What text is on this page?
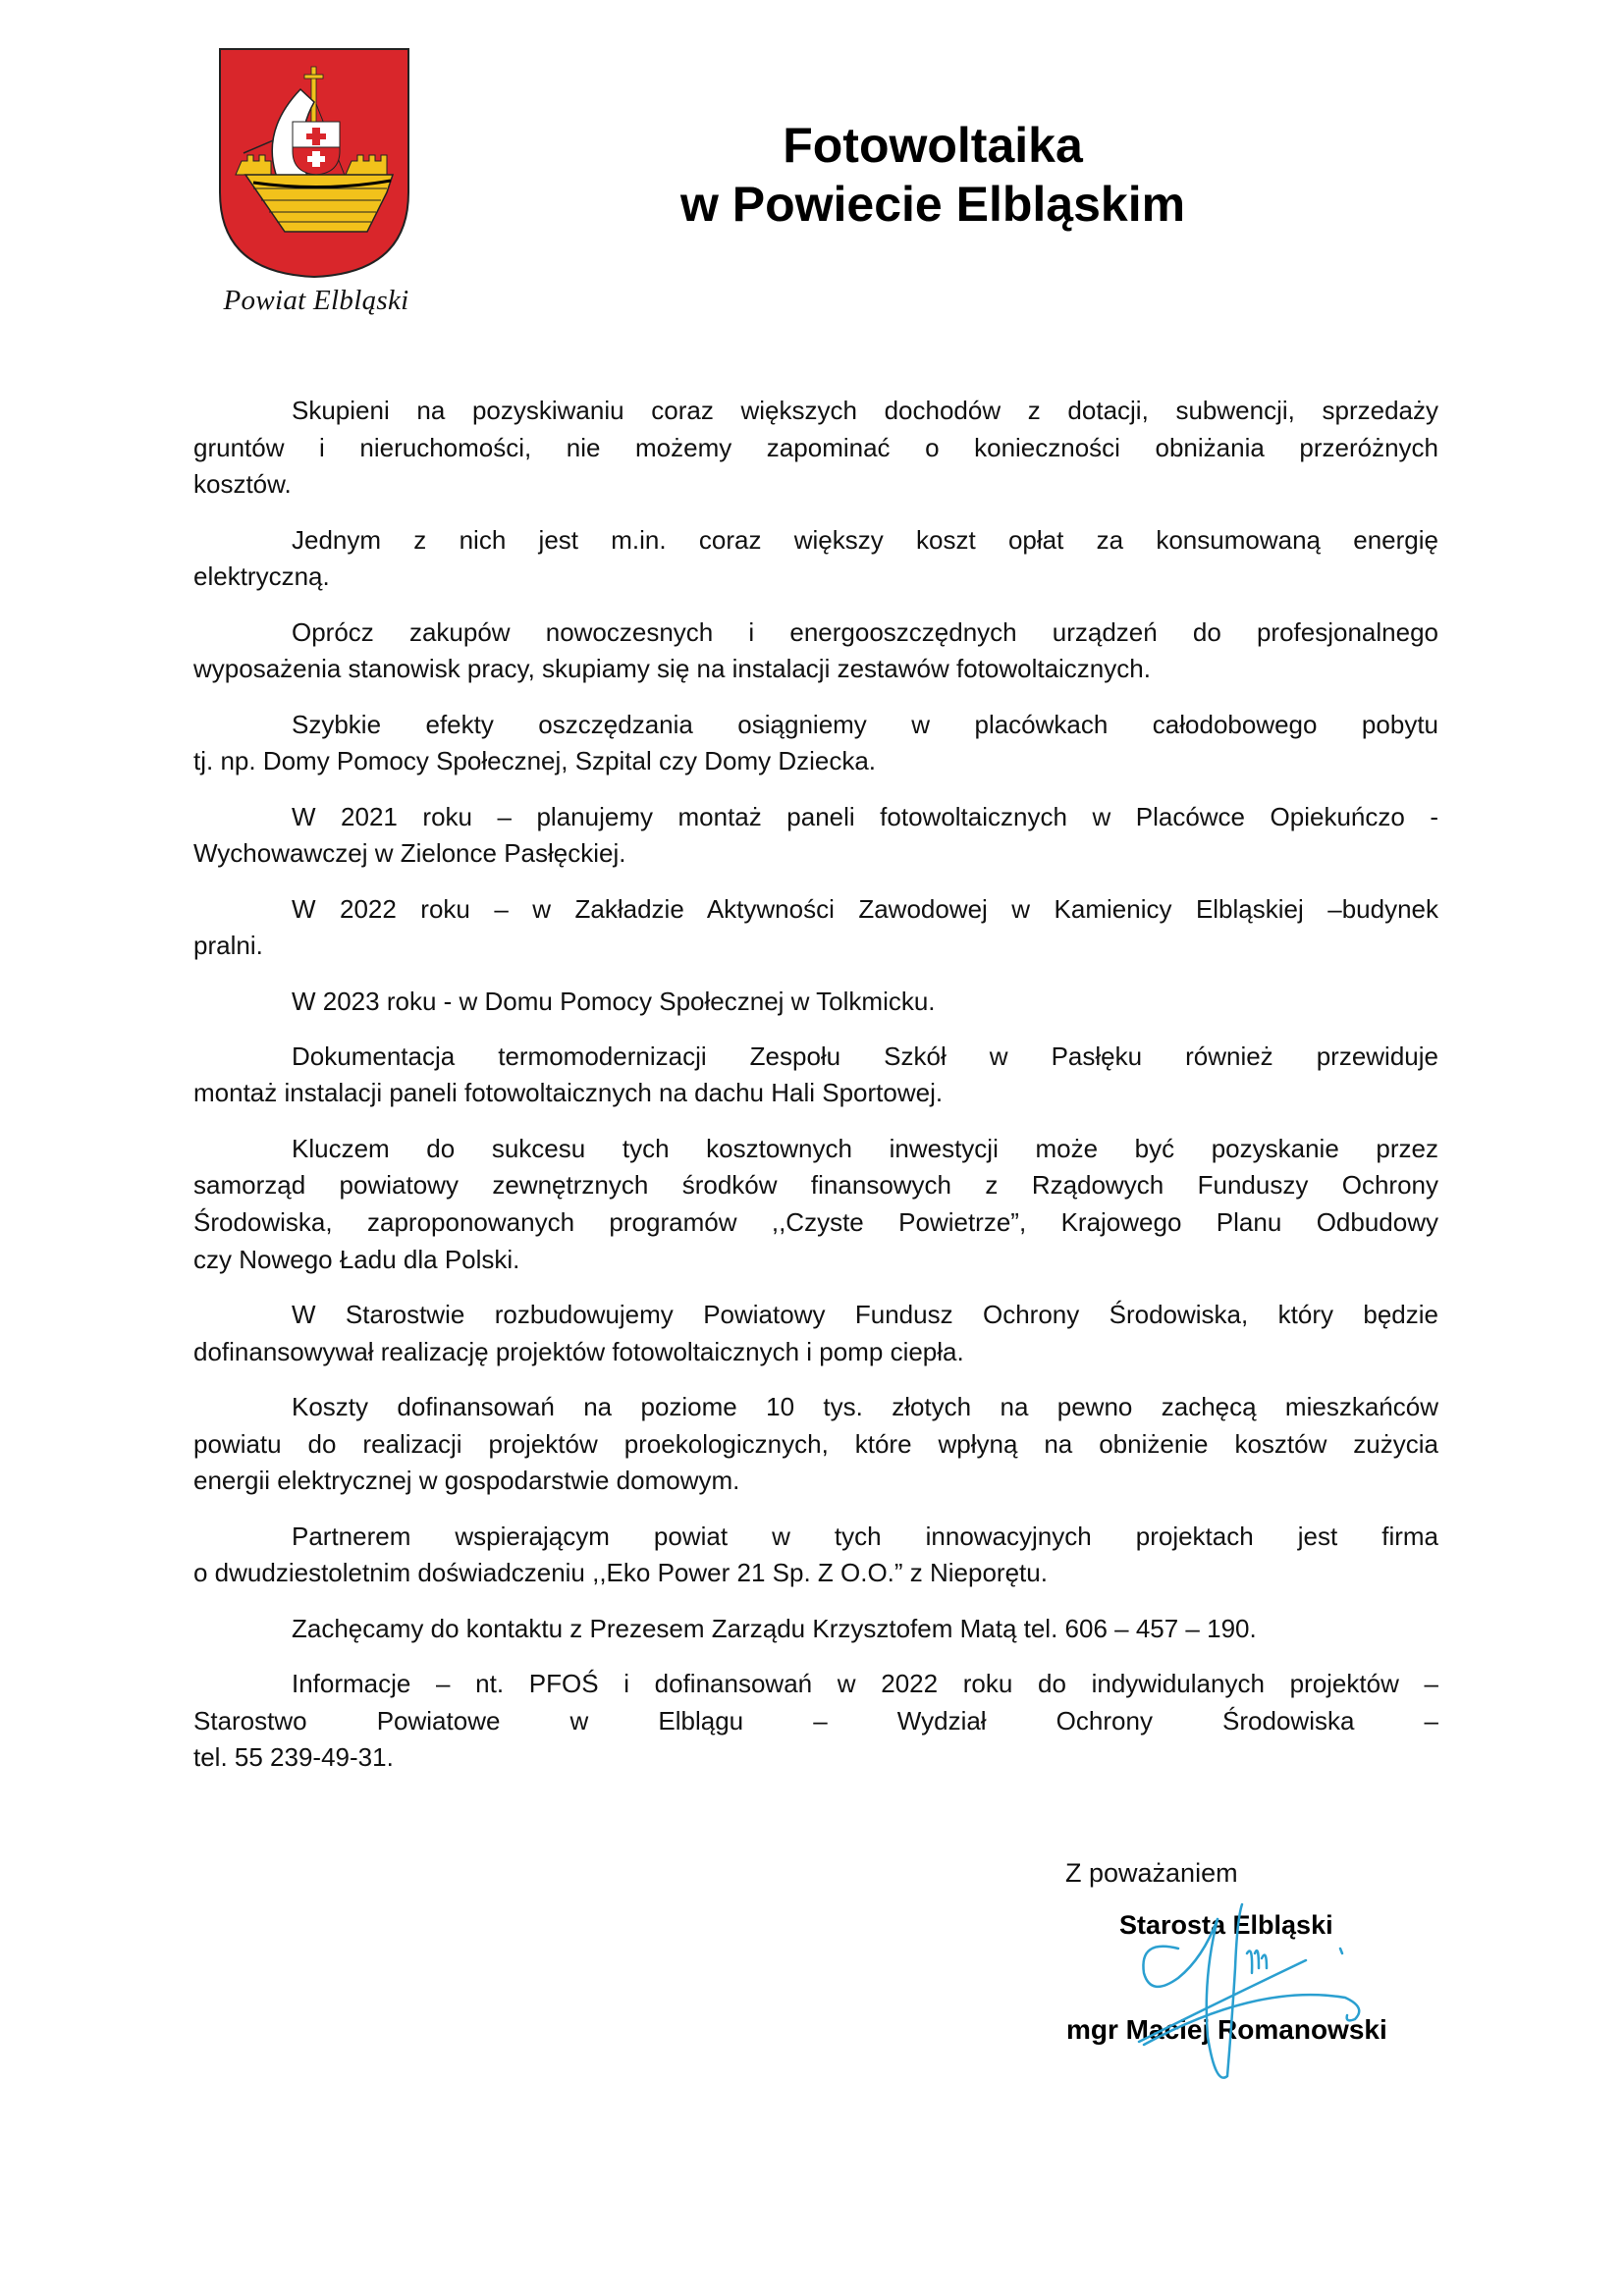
Powiat Elbląski
Fotowoltaika
w Powiecie Elbląskim
Skupieni na pozyskiwaniu coraz większych dochodów z dotacji, subwencji, sprzedaży
gruntów i nieruchomości, nie możemy zapominać o konieczności obniżania przeróżnych
kosztów.
Jednym z nich jest m.in. coraz większy koszt opłat za konsumowaną energię
elektryczną.
Oprócz zakupów nowoczesnych i energooszczędnych urządzeń do profesjonalnego
wyposażenia stanowisk pracy, skupiamy się na instalacji zestawów fotowoltaicznych.
Szybkie efekty oszczędzania osiągniemy w placówkach całodobowego pobytu
tj. np. Domy Pomocy Społecznej, Szpital czy Domy Dziecka.
W 2021 roku – planujemy montaż paneli fotowoltaicznych w Placówce Opiekuńczo -
Wychowawczej w Zielonce Pasłęckiej.
W 2022 roku – w Zakładzie Aktywności Zawodowej w Kamienicy Elbląskiej –budynek
pralni.
W 2023 roku - w Domu Pomocy Społecznej w Tolkmicku.
Dokumentacja termomodernizacji Zespołu Szkół w Pasłęku również przewiduje
montaż instalacji paneli fotowoltaicznych na dachu Hali Sportowej.
Kluczem do sukcesu tych kosztownych inwestycji może być pozyskanie przez
samorząd powiatowy zewnętrznych środków finansowych z Rządowych Funduszy Ochrony
Środowiska, zaproponowanych programów ,,Czyste Powietrze”, Krajowego Planu Odbudowy
czy Nowego Ładu dla Polski.
W Starostwie rozbudowujemy Powiatowy Fundusz Ochrony Środowiska, który będzie
dofinansowywał realizację projektów fotowoltaicznych i pomp ciepła.
Koszty dofinansowań na poziome 10 tys. złotych na pewno zachęcą mieszkańców
powiatu do realizacji projektów proekologicznych, które wpłyną na obniżenie kosztów zużycia
energii elektrycznej w gospodarstwie domowym.
Partnerem wspierającym powiat w tych innowacyjnych projektach jest firma
o dwudziestoletnim doświadczeniu ,,Eko Power 21 Sp. Z O.O.” z Nieporętu.
Zachęcamy do kontaktu z Prezesem Zarządu Krzysztofem Matą tel. 606 – 457 – 190.
Informacje – nt. PFOŚ i dofinansowań w 2022 roku do indywidulanych projektów –
Starostwo Powiatowe w Elblągu – Wydział Ochrony Środowiska –
tel. 55 239-49-31.
Z poważaniem
Starosta Elbląski
mgr Maciej Romanowski
